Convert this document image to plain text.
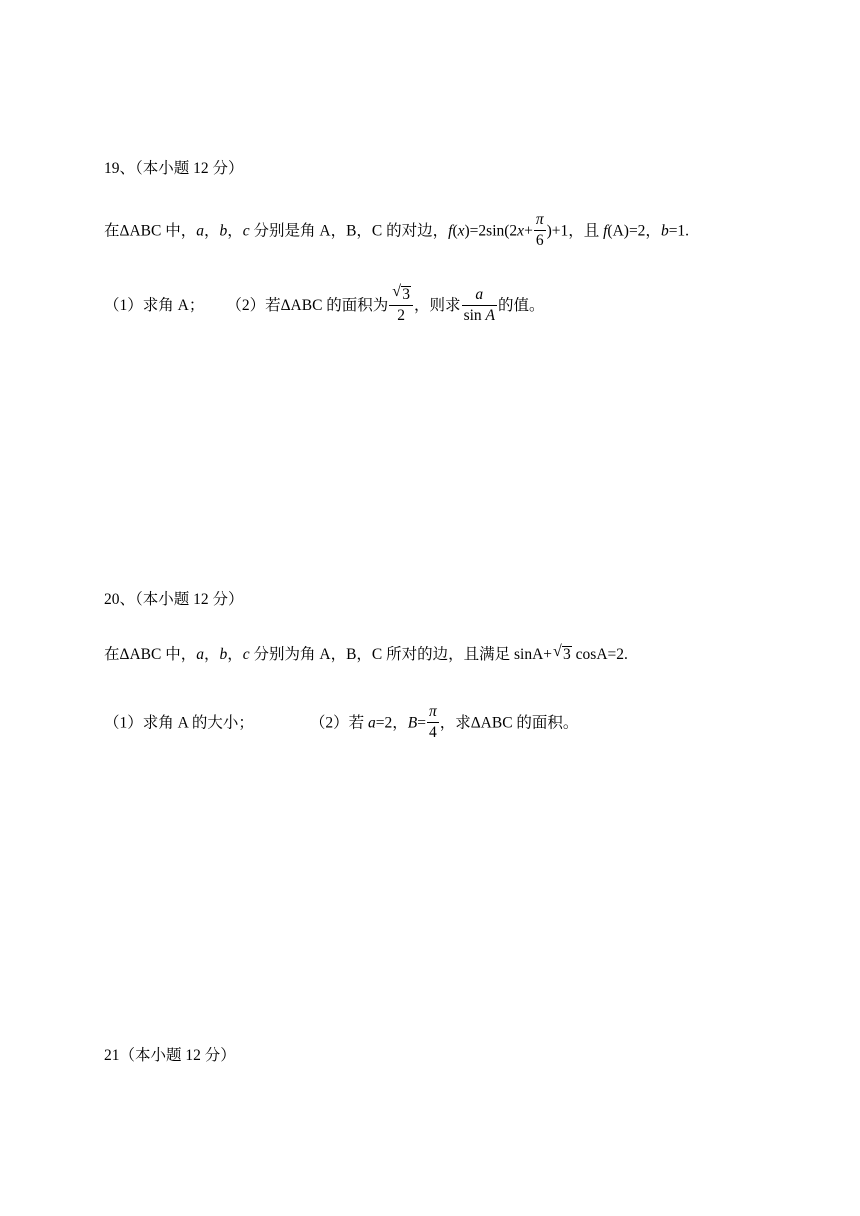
19、（本小题 12 分）
在ΔABC 中，a，b，c 分别是角 A，B，C 的对边，$f(x)=2\sin(2x+ \frac{\pi}{6} )+1$，且 f(A)=2，b=1.
（1）求角 A； （2）若ΔABC 的面积为 $\frac{√ 3}{2}$ ，则求 $\frac{a}{\text{sin A}}$ 的值。
20、（本小题 12 分）
在ΔABC 中，a，b，c 分别为角 A，B，C 所对的边，且满足 sinA+ √ 3 cosA=2.
（1）求角 A 的大小；	（2）若 a=2，$B= \frac{\pi}{4}$ ，求ΔABC 的面积。
21（本小题 12 分）
